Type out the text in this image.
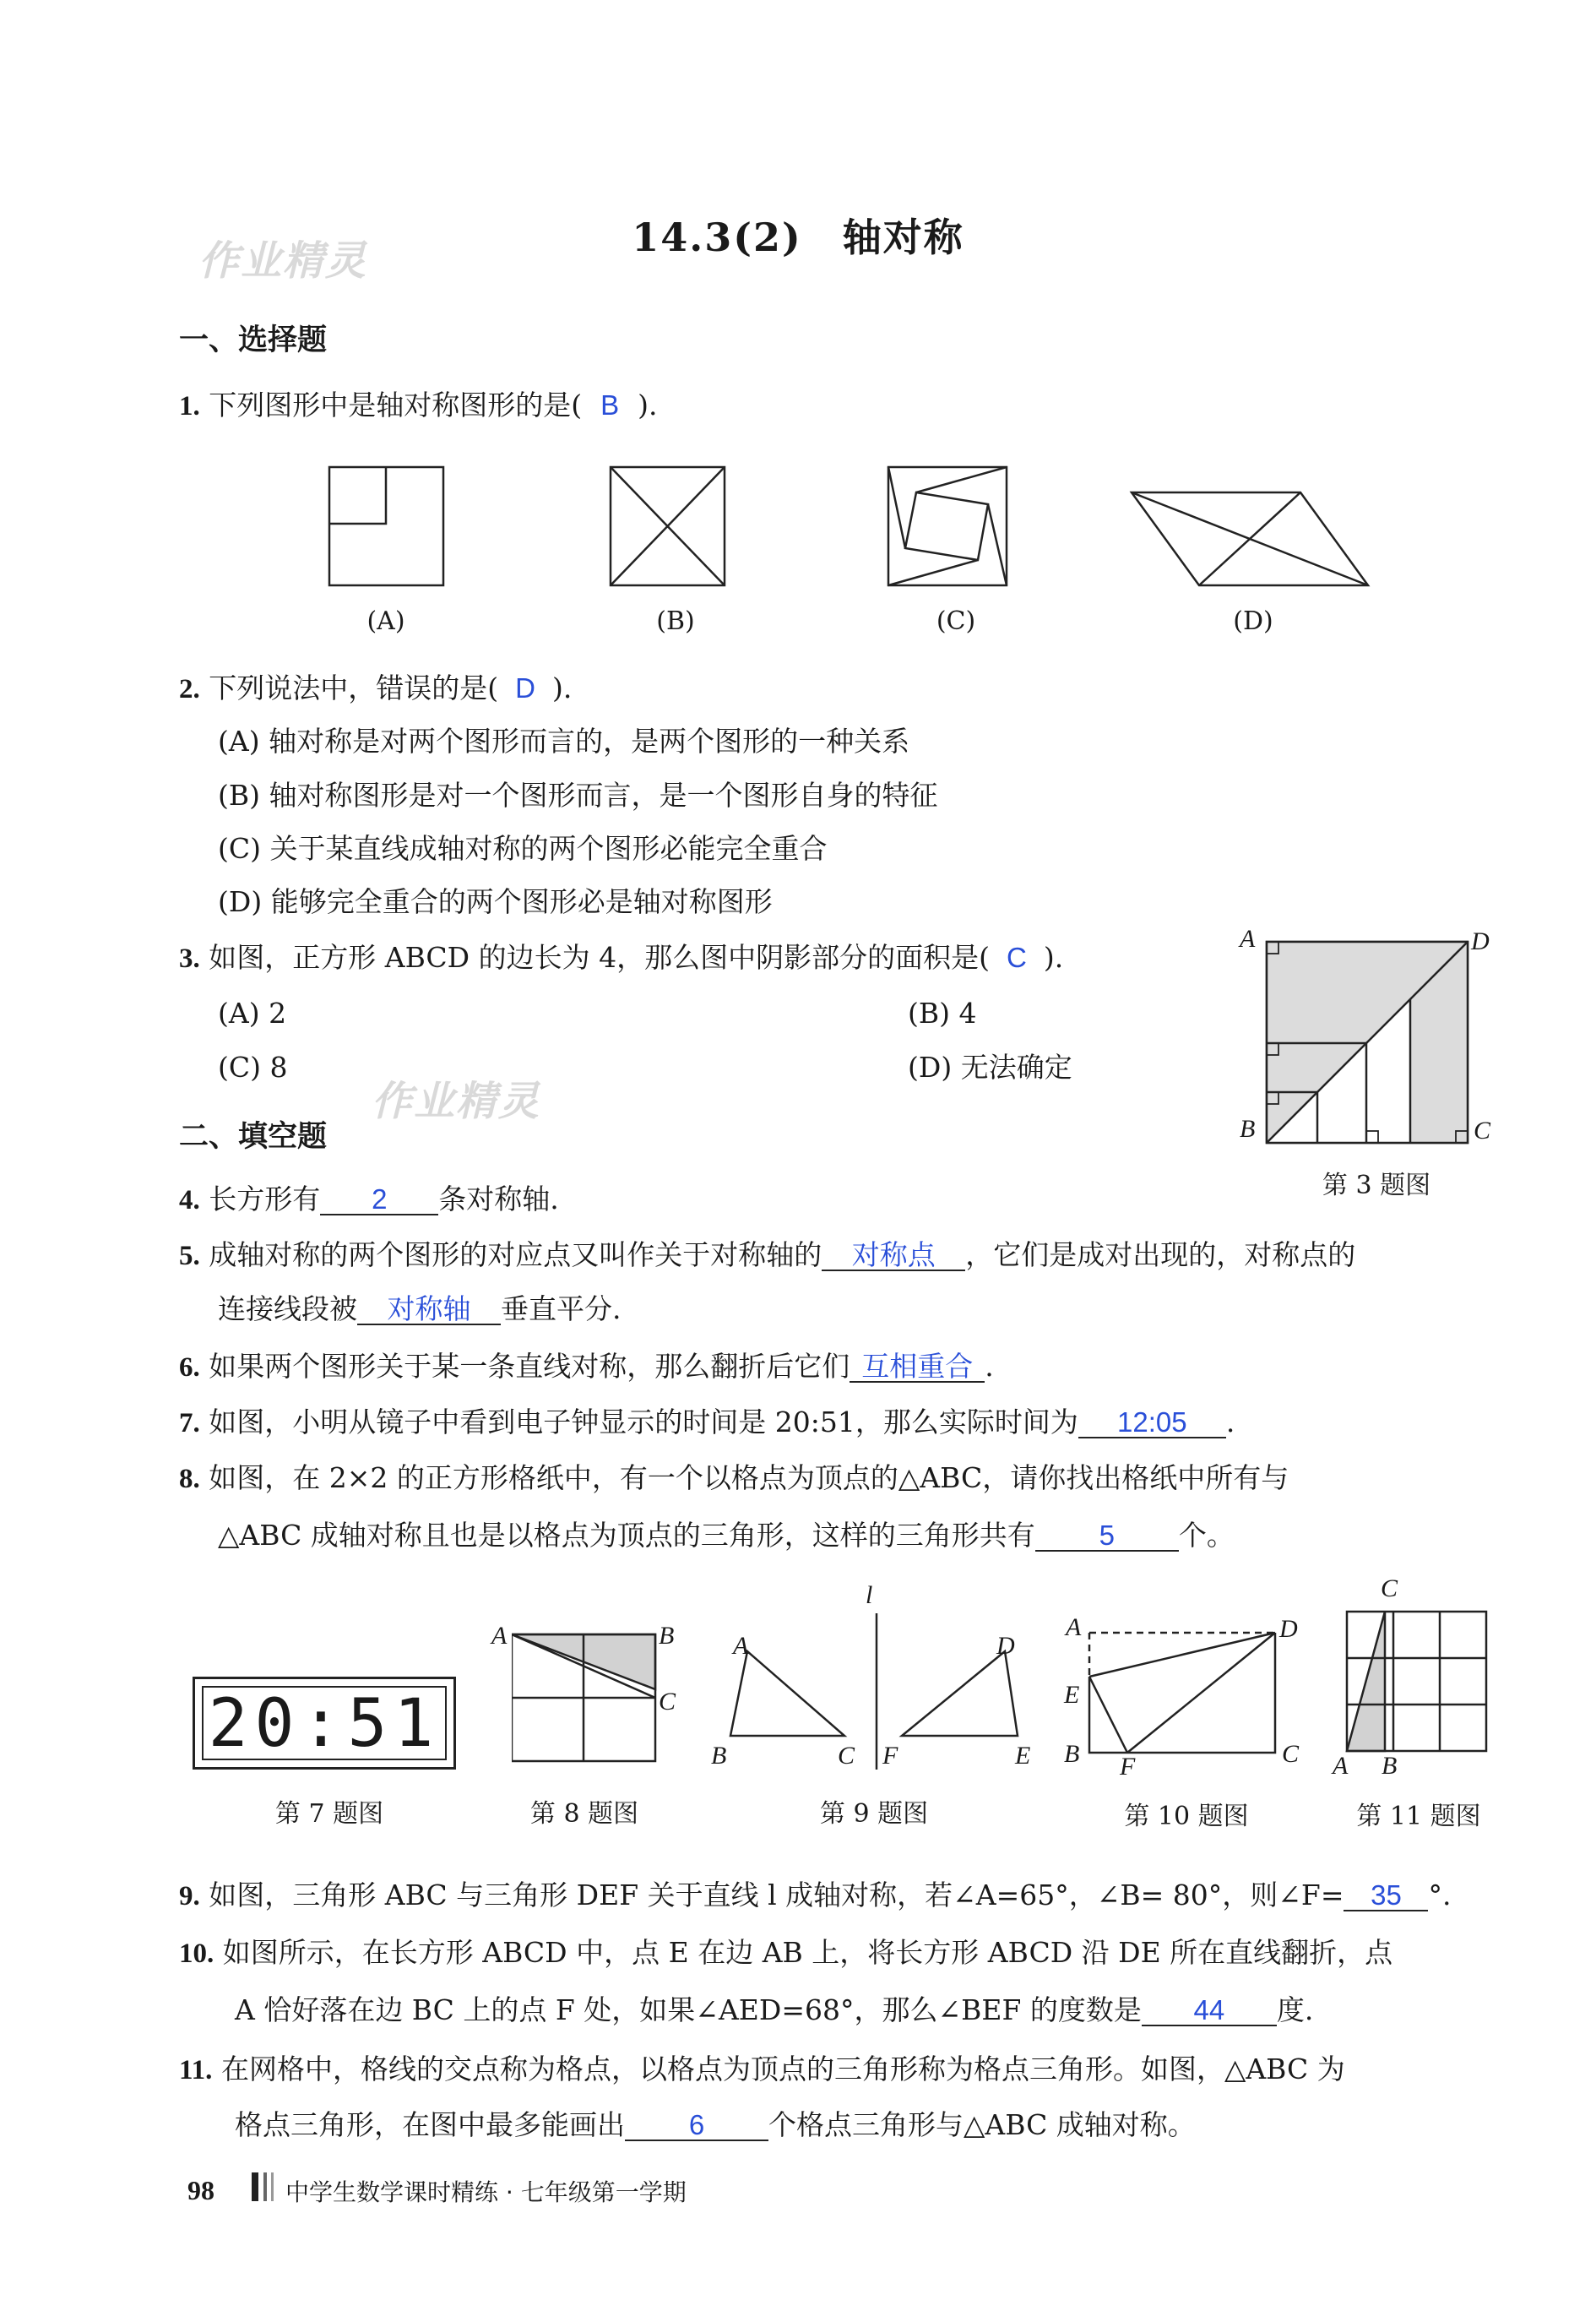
14.3(2)　轴对称
作业精灵
作业精灵
一、选择题
1. 下列图形中是轴对称图形的是( B ).
(A)	(B)	(C)	(D)
2. 下列说法中，错误的是( D ).
(A) 轴对称是对两个图形而言的，是两个图形的一种关系
(B) 轴对称图形是对一个图形而言，是一个图形自身的特征
(C) 关于某直线成轴对称的两个图形必能完全重合
(D) 能够完全重合的两个图形必是轴对称图形
3. 如图，正方形 ABCD 的边长为 4，那么图中阴影部分的面积是( C ).
(A) 2	(B) 4
(C) 8	(D) 无法确定
A	D
B	C
第 3 题图
二、填空题
4. 长方形有 2 条对称轴.
5. 成轴对称的两个图形的对应点又叫作关于对称轴的 对称点 ，它们是成对出现的，对称点的
连接线段被 对称轴 垂直平分.
6. 如果两个图形关于某一条直线对称，那么翻折后它们 互相重合 .
7. 如图，小明从镜子中看到电子钟显示的时间是 20:51，那么实际时间为 12:05 .
8. 如图，在 2×2 的正方形格纸中，有一个以格点为顶点的△ABC，请你找出格纸中所有与
△ABC 成轴对称且也是以格点为顶点的三角形，这样的三角形共有 5 个。
20:51
A	B
C
l
A
B	C
D
F	E
A	D
E
B F	C
C
A B
第 7 题图	第 8 题图	第 9 题图	第 10 题图	第 11 题图
9. 如图，三角形 ABC 与三角形 DEF 关于直线 l 成轴对称，若∠A=65°，∠B= 80°，则∠F= 35 °.
10. 如图所示，在长方形 ABCD 中，点 E 在边 AB 上，将长方形 ABCD 沿 DE 所在直线翻折，点
A 恰好落在边 BC 上的点 F 处，如果∠AED=68°，那么∠BEF 的度数是 44 度.
11. 在网格中，格线的交点称为格点，以格点为顶点的三角形称为格点三角形。如图，△ABC 为
格点三角形，在图中最多能画出 6 个格点三角形与△ABC 成轴对称。
98	中学生数学课时精练 · 七年级第一学期
